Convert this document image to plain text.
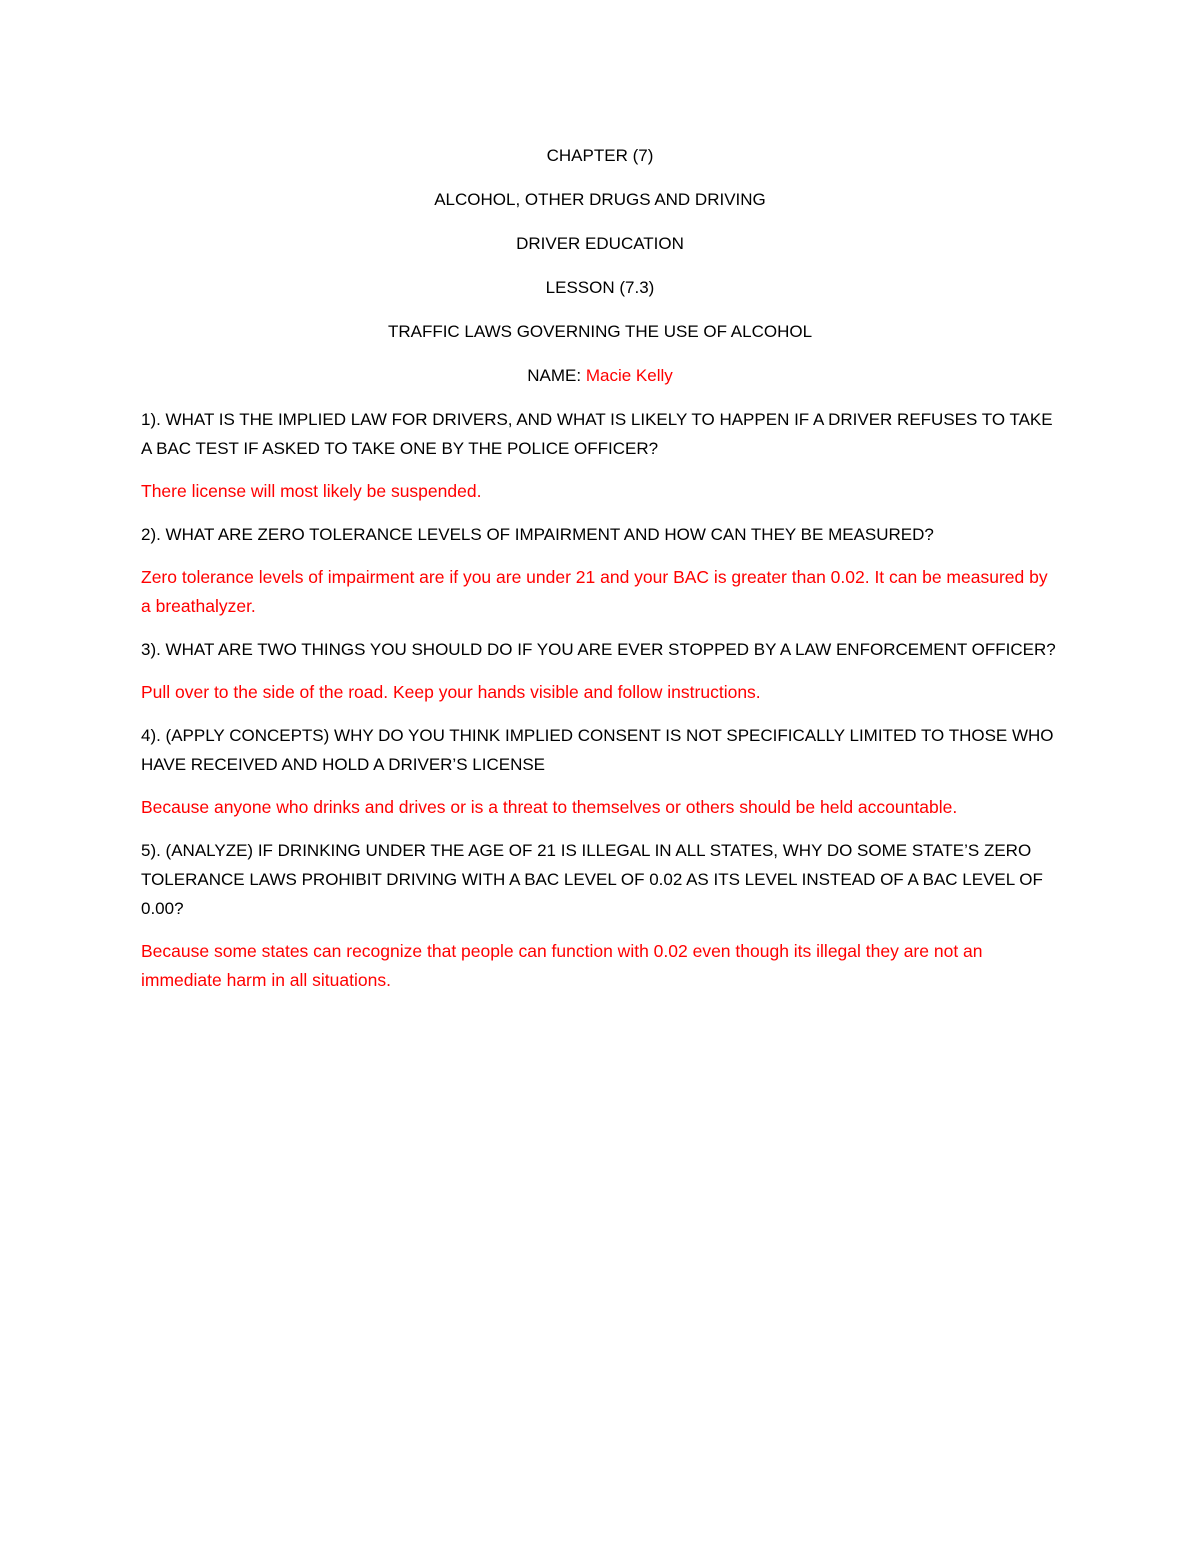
CHAPTER (7)

ALCOHOL, OTHER DRUGS AND DRIVING

DRIVER EDUCATION

LESSON (7.3)

TRAFFIC LAWS GOVERNING THE USE OF ALCOHOL

NAME: Macie Kelly

1). WHAT IS THE IMPLIED LAW FOR DRIVERS, AND WHAT IS LIKELY TO HAPPEN IF A DRIVER REFUSES TO TAKE A BAC TEST IF ASKED TO TAKE ONE BY THE POLICE OFFICER?

There license will most likely be suspended.

2). WHAT ARE ZERO TOLERANCE LEVELS OF IMPAIRMENT AND HOW CAN THEY BE MEASURED?

Zero tolerance levels of impairment are if you are under 21 and your BAC is greater than 0.02. It can be measured by a breathalyzer.

3). WHAT ARE TWO THINGS YOU SHOULD DO IF YOU ARE EVER STOPPED BY A LAW ENFORCEMENT OFFICER?

Pull over to the side of the road. Keep your hands visible and follow instructions.

4). (APPLY CONCEPTS) WHY DO YOU THINK IMPLIED CONSENT IS NOT SPECIFICALLY LIMITED TO THOSE WHO HAVE RECEIVED AND HOLD A DRIVER’S LICENSE

Because anyone who drinks and drives or is a threat to themselves or others should be held accountable.

5). (ANALYZE) IF DRINKING UNDER THE AGE OF 21 IS ILLEGAL IN ALL STATES, WHY DO SOME STATE’S ZERO TOLERANCE LAWS PROHIBIT DRIVING WITH A BAC LEVEL OF 0.02 AS ITS LEVEL INSTEAD OF A BAC LEVEL OF 0.00?

Because some states can recognize that people can function with 0.02 even though its illegal they are not an immediate harm in all situations.
